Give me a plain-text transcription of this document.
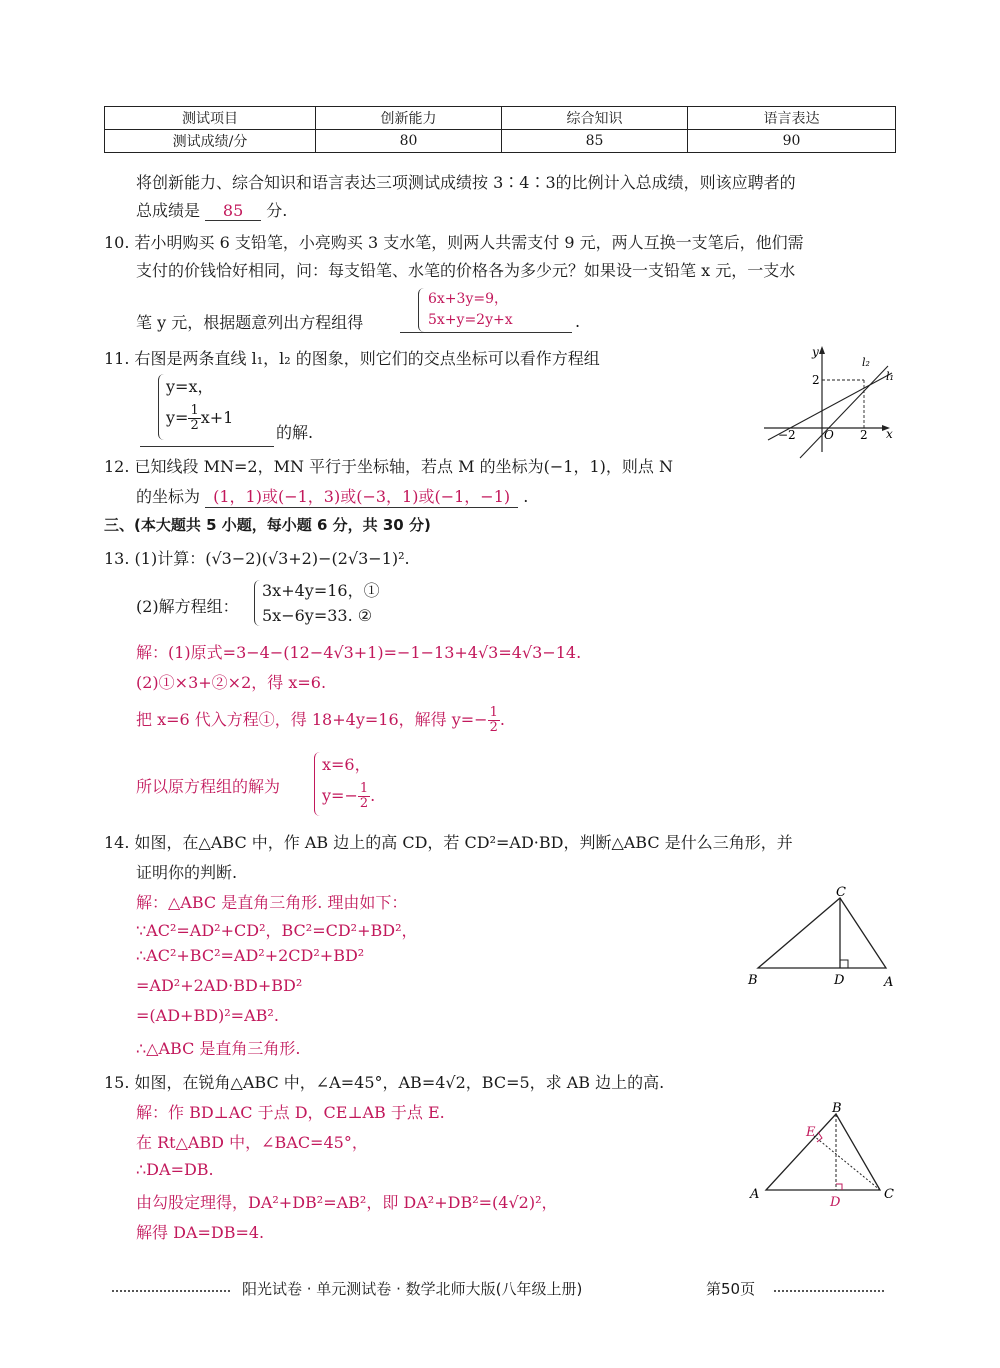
测试项目	创新能力	综合知识	语言表达
测试成绩/分	80	85	90
将创新能力、综合知识和语言表达三项测试成绩按 3∶4∶3的比例计入总成绩，则该应聘者的
总成绩是 85 分.
10. 若小明购买 6 支铅笔，小亮购买 3 支水笔，则两人共需支付 9 元，两人互换一支笔后，他们需
支付的价钱恰好相同，问：每支铅笔、水笔的价格各为多少元？如果设一支铅笔 x 元，一支水
笔 y 元，根据题意列出方程组得
6x+3y=9，
5x+y=2y+x	.
11. 右图是两条直线 l₁，l₂ 的图象，则它们的交点坐标可以看作方程组
y=x，
$y= \frac{1}{2} x+1$
的解.
y
x
O
2
2
−2
l₂
l₁
12. 已知线段 MN=2，MN 平行于坐标轴，若点 M 的坐标为(−1，1)，则点 N
的坐标为 (1，1)或(−1，3)或(−3，1)或(−1，−1) .
三、(本大题共 5 小题，每小题 6 分，共 30 分)
13. (1)计算：(√3−2)(√3+2)−(2√3−1)².
(2)解方程组：
3x+4y=16，①
5x−6y=33. ②
解：(1)原式=3−4−(12−4√3+1)=−1−13+4√3=4√3−14.
(2)①×3+②×2，得 x=6.
把 x=6 代入方程①，得 18+4y=16，解得 $y=- \frac{1}{2}$ .
所以原方程组的解为
x=6，
$y=- \frac{1}{2}$ .
14. 如图，在△ABC 中，作 AB 边上的高 CD，若 CD²=AD·BD，判断△ABC 是什么三角形，并
证明你的判断.
解：△ABC 是直角三角形. 理由如下：
∵AC²=AD²+CD²，BC²=CD²+BD²，
∴AC²+BC²=AD²+2CD²+BD²
=AD²+2AD·BD+BD²
=(AD+BD)²=AB².
∴△ABC 是直角三角形.
C
B	D	A
15. 如图，在锐角△ABC 中，∠A=45°，AB=4√2，BC=5，求 AB 边上的高.
解：作 BD⊥AC 于点 D，CE⊥AB 于点 E.
在 Rt△ABD 中，∠BAC=45°，
∴DA=DB.
由勾股定理得，DA²+DB²=AB²，即 DA²+DB²=(4√2)²，
解得 DA=DB=4.
B
E
A
D
C
阳光试卷 · 单元测试卷 · 数学北师大版(八年级上册)	第50页
